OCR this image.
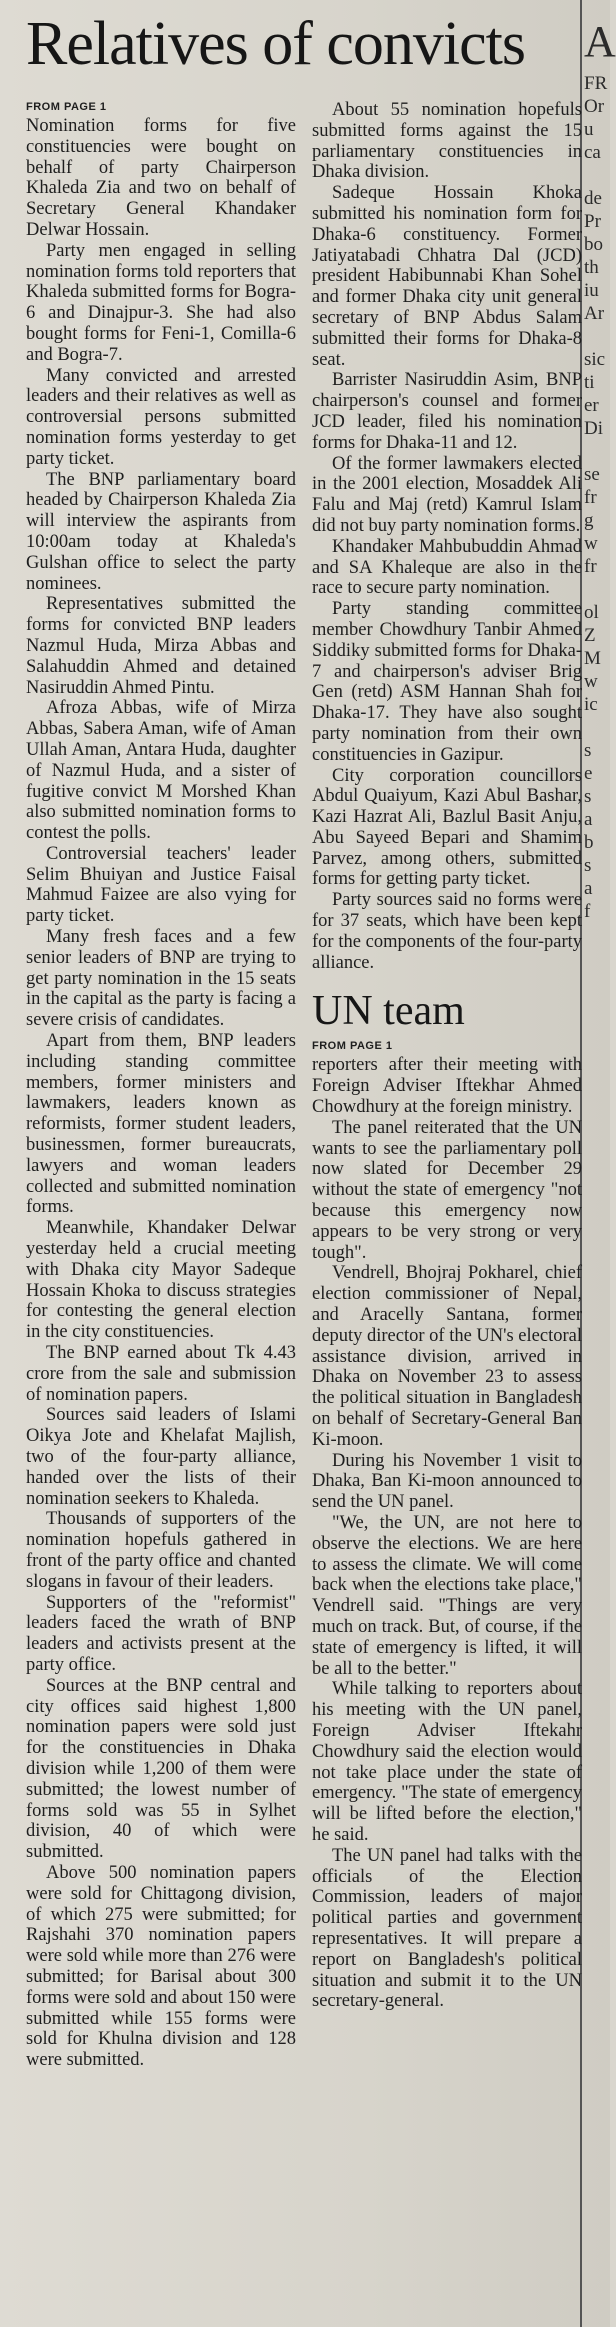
Relatives of convicts	A
FR
Or
u
ca

de
Pr
bo
th
iu
Ar

sic
ti
er
Di

se
fr
g
w
fr

ol
Z
M
w
ic

s
e
s
a
b
s
a
f
FROM PAGE 1

Nomination forms for five constituencies were bought on behalf of party Chairperson Khaleda Zia and two on behalf of Secretary General Khandaker Delwar Hossain.

Party men engaged in selling nomination forms told reporters that Khaleda submitted forms for Bogra-6 and Dinajpur-3. She had also bought forms for Feni-1, Comilla-6 and Bogra-7.

Many convicted and arrested leaders and their relatives as well as controversial persons submitted nomination forms yesterday to get party ticket.

The BNP parliamentary board headed by Chairperson Khaleda Zia will interview the aspirants from 10:00am today at Khaleda's Gulshan office to select the party nominees.

Representatives submitted the forms for convicted BNP leaders Nazmul Huda, Mirza Abbas and Salahuddin Ahmed and detained Nasiruddin Ahmed Pintu.

Afroza Abbas, wife of Mirza Abbas, Sabera Aman, wife of Aman Ullah Aman, Antara Huda, daughter of Nazmul Huda, and a sister of fugitive convict M Morshed Khan also submitted nomination forms to contest the polls.

Controversial teachers' leader Selim Bhuiyan and Justice Faisal Mahmud Faizee are also vying for party ticket.

Many fresh faces and a few senior leaders of BNP are trying to get party nomination in the 15 seats in the capital as the party is facing a severe crisis of candidates.

Apart from them, BNP leaders including standing committee members, former ministers and lawmakers, leaders known as reformists, former student leaders, businessmen, former bureaucrats, lawyers and woman leaders collected and submitted nomination forms.

Meanwhile, Khandaker Delwar yesterday held a crucial meeting with Dhaka city Mayor Sadeque Hossain Khoka to discuss strategies for contesting the general election in the city constituencies.

The BNP earned about Tk 4.43 crore from the sale and submission of nomination papers.

Sources said leaders of Islami Oikya Jote and Khelafat Majlish, two of the four-party alliance, handed over the lists of their nomination seekers to Khaleda.

Thousands of supporters of the nomination hopefuls gathered in front of the party office and chanted slogans in favour of their leaders.

Supporters of the "reformist" leaders faced the wrath of BNP leaders and activists present at the party office.

Sources at the BNP central and city offices said highest 1,800 nomination papers were sold just for the constituencies in Dhaka division while 1,200 of them were submitted; the lowest number of forms sold was 55 in Sylhet division, 40 of which were submitted.

Above 500 nomination papers were sold for Chittagong division, of which 275 were submitted; for Rajshahi 370 nomination papers were sold while more than 276 were submitted; for Barisal about 300 forms were sold and about 150 were submitted while 155 forms were sold for Khulna division and 128 were submitted.

About 55 nomination hopefuls submitted forms against the 15 parliamentary constituencies in Dhaka division.

Sadeque Hossain Khoka submitted his nomination form for Dhaka-6 constituency. Former Jatiyatabadi Chhatra Dal (JCD) president Habibunnabi Khan Sohel and former Dhaka city unit general secretary of BNP Abdus Salam submitted their forms for Dhaka-8 seat.

Barrister Nasiruddin Asim, BNP chairperson's counsel and former JCD leader, filed his nomination forms for Dhaka-11 and 12.

Of the former lawmakers elected in the 2001 election, Mosaddek Ali Falu and Maj (retd) Kamrul Islam did not buy party nomination forms.

Khandaker Mahbubuddin Ahmad and SA Khaleque are also in the race to secure party nomination.

Party standing committee member Chowdhury Tanbir Ahmed Siddiky submitted forms for Dhaka-7 and chairperson's adviser Brig Gen (retd) ASM Hannan Shah for Dhaka-17. They have also sought party nomination from their own constituencies in Gazipur.

City corporation councillors Abdul Quaiyum, Kazi Abul Bashar, Kazi Hazrat Ali, Bazlul Basit Anju, Abu Sayeed Bepari and Shamim Parvez, among others, submitted forms for getting party ticket.

Party sources said no forms were for 37 seats, which have been kept for the components of the four-party alliance.

UN team
FROM PAGE 1

reporters after their meeting with Foreign Adviser Iftekhar Ahmed Chowdhury at the foreign ministry.

The panel reiterated that the UN wants to see the parliamentary poll now slated for December 29 without the state of emergency "not because this emergency now appears to be very strong or very tough".

Vendrell, Bhojraj Pokharel, chief election commissioner of Nepal, and Aracelly Santana, former deputy director of the UN's electoral assistance division, arrived in Dhaka on November 23 to assess the political situation in Bangladesh on behalf of Secretary-General Ban Ki-moon.

During his November 1 visit to Dhaka, Ban Ki-moon announced to send the UN panel.

"We, the UN, are not here to observe the elections. We are here to assess the climate. We will come back when the elections take place," Vendrell said. "Things are very much on track. But, of course, if the state of emergency is lifted, it will be all to the better."

While talking to reporters about his meeting with the UN panel, Foreign Adviser Iftekahr Chowdhury said the election would not take place under the state of emergency. "The state of emergency will be lifted before the election," he said.

The UN panel had talks with the officials of the Election Commission, leaders of major political parties and government representatives. It will prepare a report on Bangladesh's political situation and submit it to the UN secretary-general.
